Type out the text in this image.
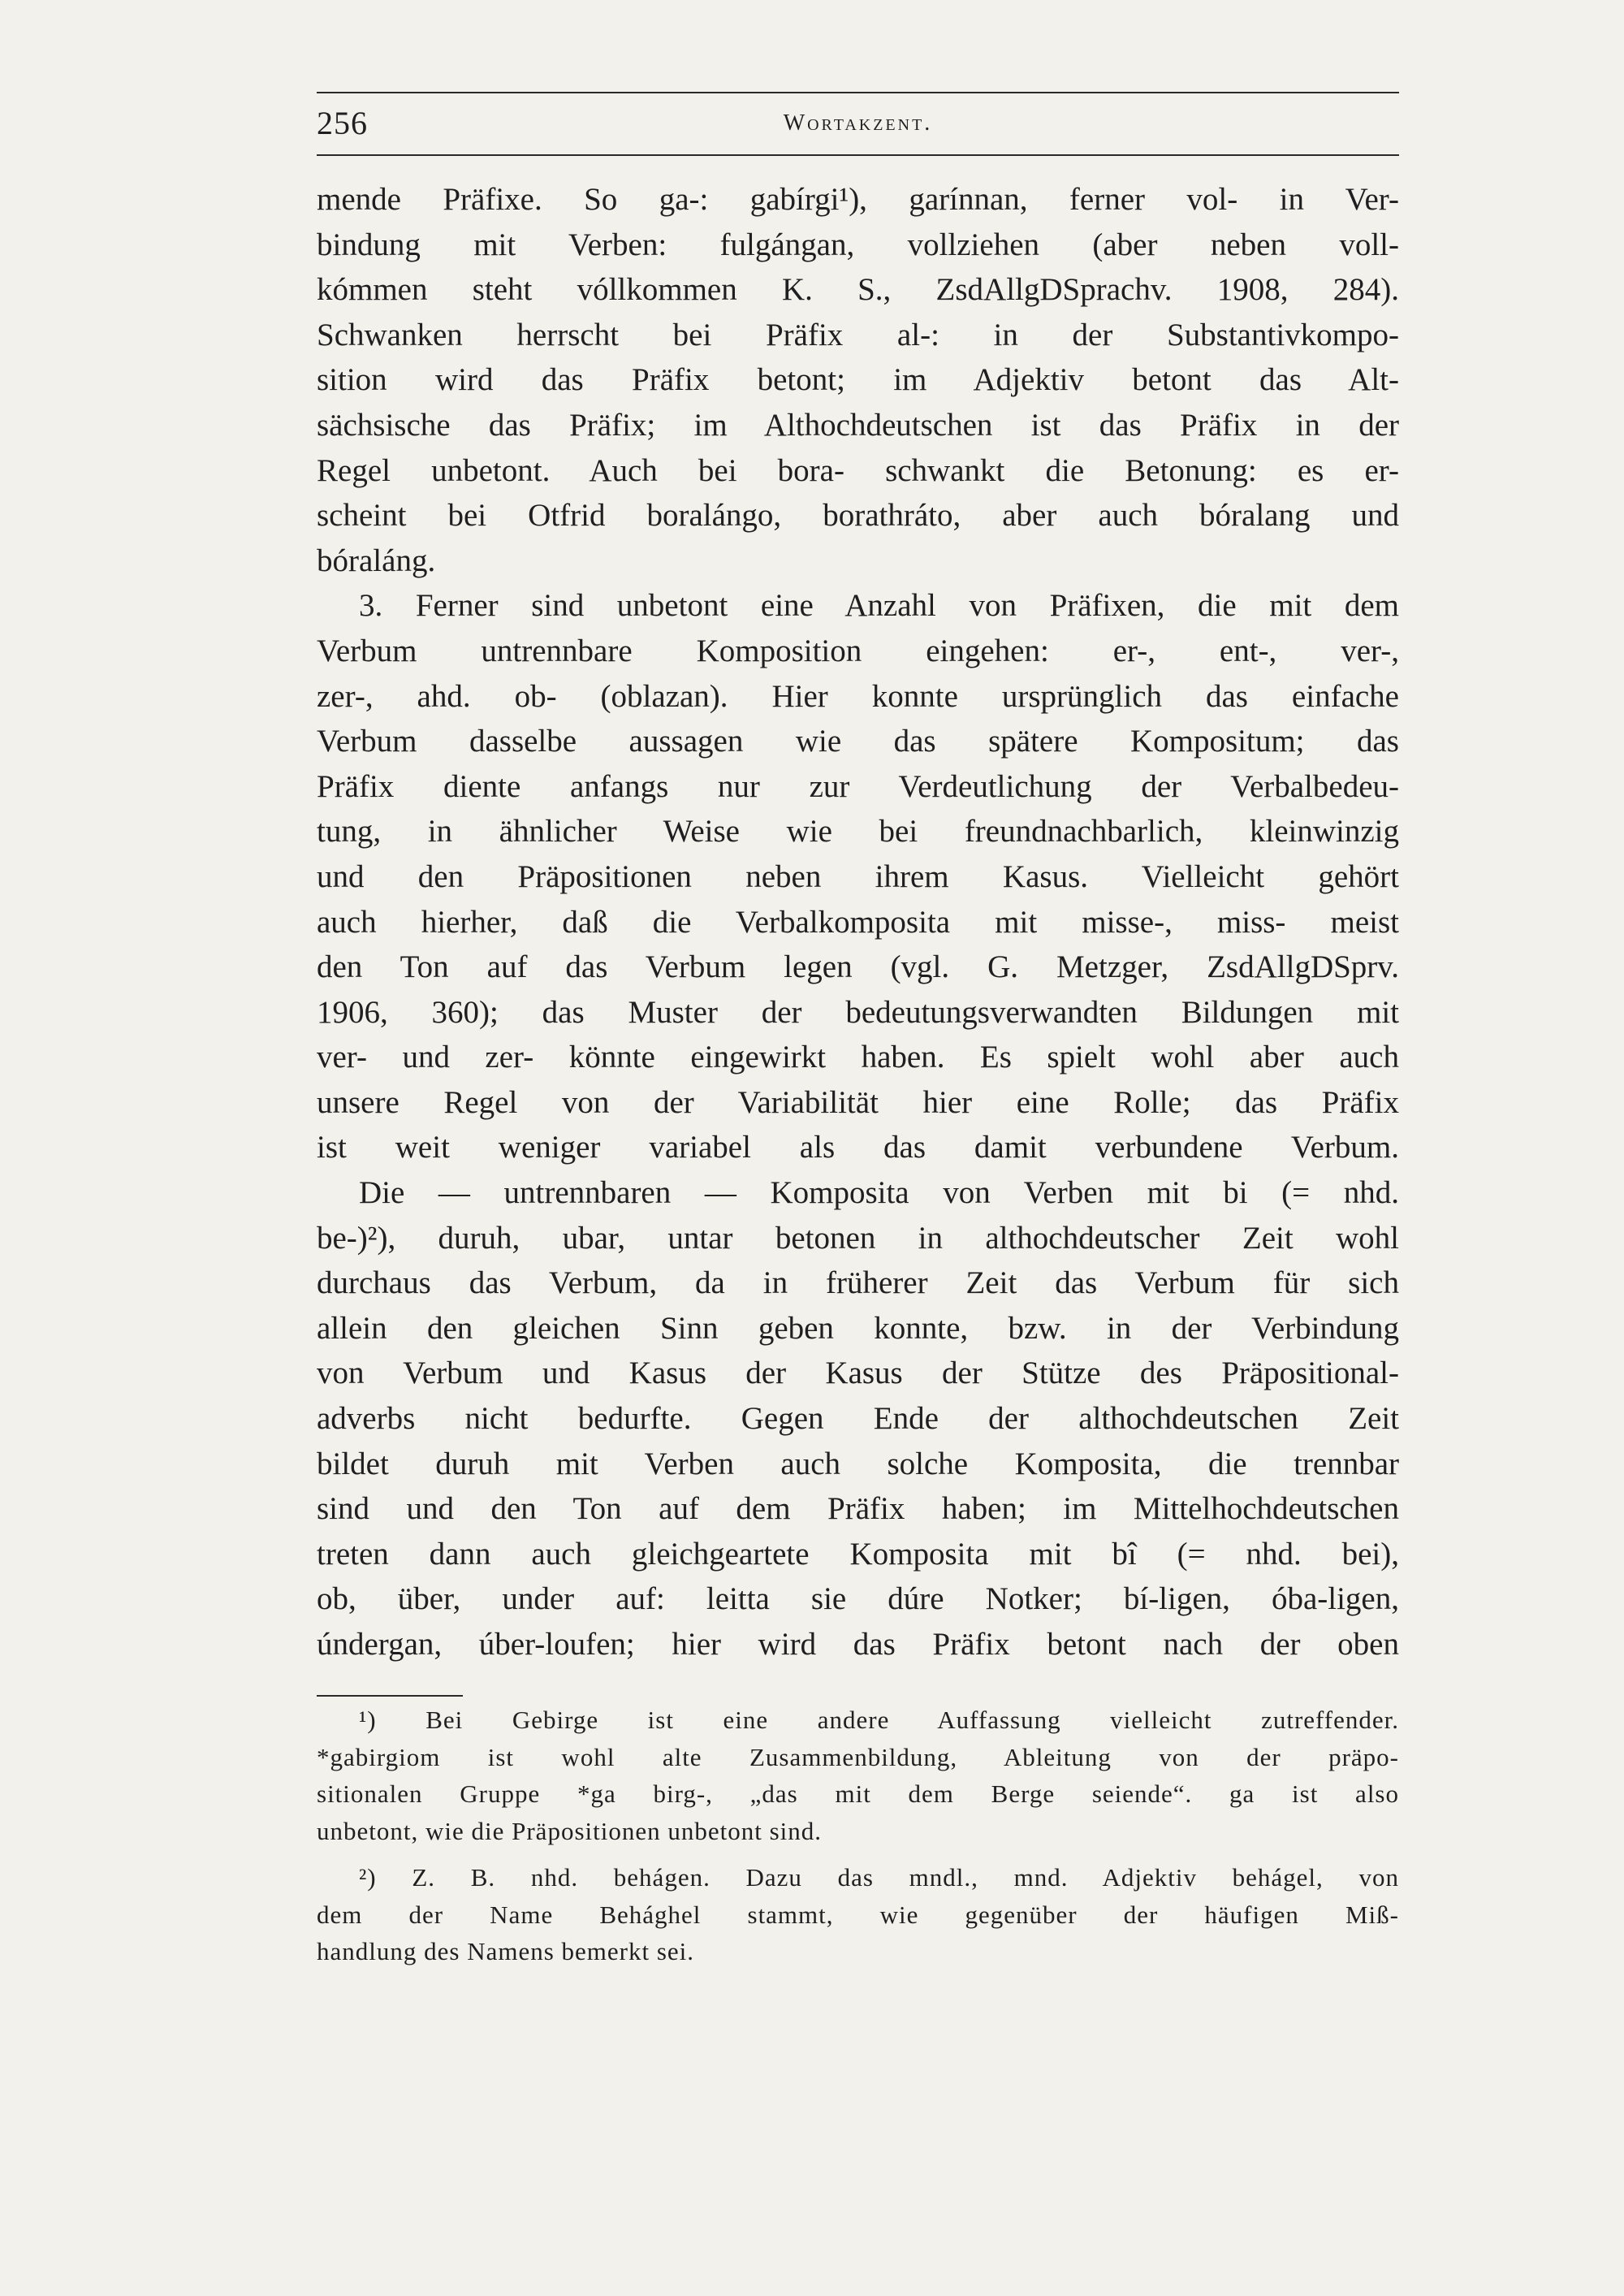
256	Wortakzent.
mende Präfixe. So ga-: gabírgi¹), garínnan, ferner vol- in Ver-
bindung mit Verben: fulgángan, vollziehen (aber neben voll-
kómmen steht vóllkommen K. S., ZsdAllgDSprachv. 1908, 284).
Schwanken herrscht bei Präfix al-: in der Substantivkompo-
sition wird das Präfix betont; im Adjektiv betont das Alt-
sächsische das Präfix; im Althochdeutschen ist das Präfix in der
Regel unbetont. Auch bei bora- schwankt die Betonung: es er-
scheint bei Otfrid boralángo, borathráto, aber auch bóralang und
bóraláng.
3. Ferner sind unbetont eine Anzahl von Präfixen, die mit dem
Verbum untrennbare Komposition eingehen: er-, ent-, ver-,
zer-, ahd. ob- (oblazan). Hier konnte ursprünglich das einfache
Verbum dasselbe aussagen wie das spätere Kompositum; das
Präfix diente anfangs nur zur Verdeutlichung der Verbalbedeu-
tung, in ähnlicher Weise wie bei freundnachbarlich, kleinwinzig
und den Präpositionen neben ihrem Kasus. Vielleicht gehört
auch hierher, daß die Verbalkomposita mit misse-, miss- meist
den Ton auf das Verbum legen (vgl. G. Metzger, ZsdAllgDSprv.
1906, 360); das Muster der bedeutungsverwandten Bildungen mit
ver- und zer- könnte eingewirkt haben. Es spielt wohl aber auch
unsere Regel von der Variabilität hier eine Rolle; das Präfix
ist weit weniger variabel als das damit verbundene Verbum.
Die — untrennbaren — Komposita von Verben mit bi (= nhd.
be-)²), duruh, ubar, untar betonen in althochdeutscher Zeit wohl
durchaus das Verbum, da in früherer Zeit das Verbum für sich
allein den gleichen Sinn geben konnte, bzw. in der Verbindung
von Verbum und Kasus der Kasus der Stütze des Präpositional-
adverbs nicht bedurfte. Gegen Ende der althochdeutschen Zeit
bildet duruh mit Verben auch solche Komposita, die trennbar
sind und den Ton auf dem Präfix haben; im Mittelhochdeutschen
treten dann auch gleichgeartete Komposita mit bî (= nhd. bei),
ob, über, under auf: leitta sie dúre Notker; bí-ligen, óba-ligen,
úndergan, úber-loufen; hier wird das Präfix betont nach der oben
¹) Bei Gebirge ist eine andere Auffassung vielleicht zutreffender.
*gabirgiom ist wohl alte Zusammenbildung, Ableitung von der präpo-
sitionalen Gruppe *ga birg-, „das mit dem Berge seiende“. ga ist also
unbetont, wie die Präpositionen unbetont sind.
²) Z. B. nhd. behágen. Dazu das mndl., mnd. Adjektiv behágel, von
dem der Name Behághel stammt, wie gegenüber der häufigen Miß-
handlung des Namens bemerkt sei.
